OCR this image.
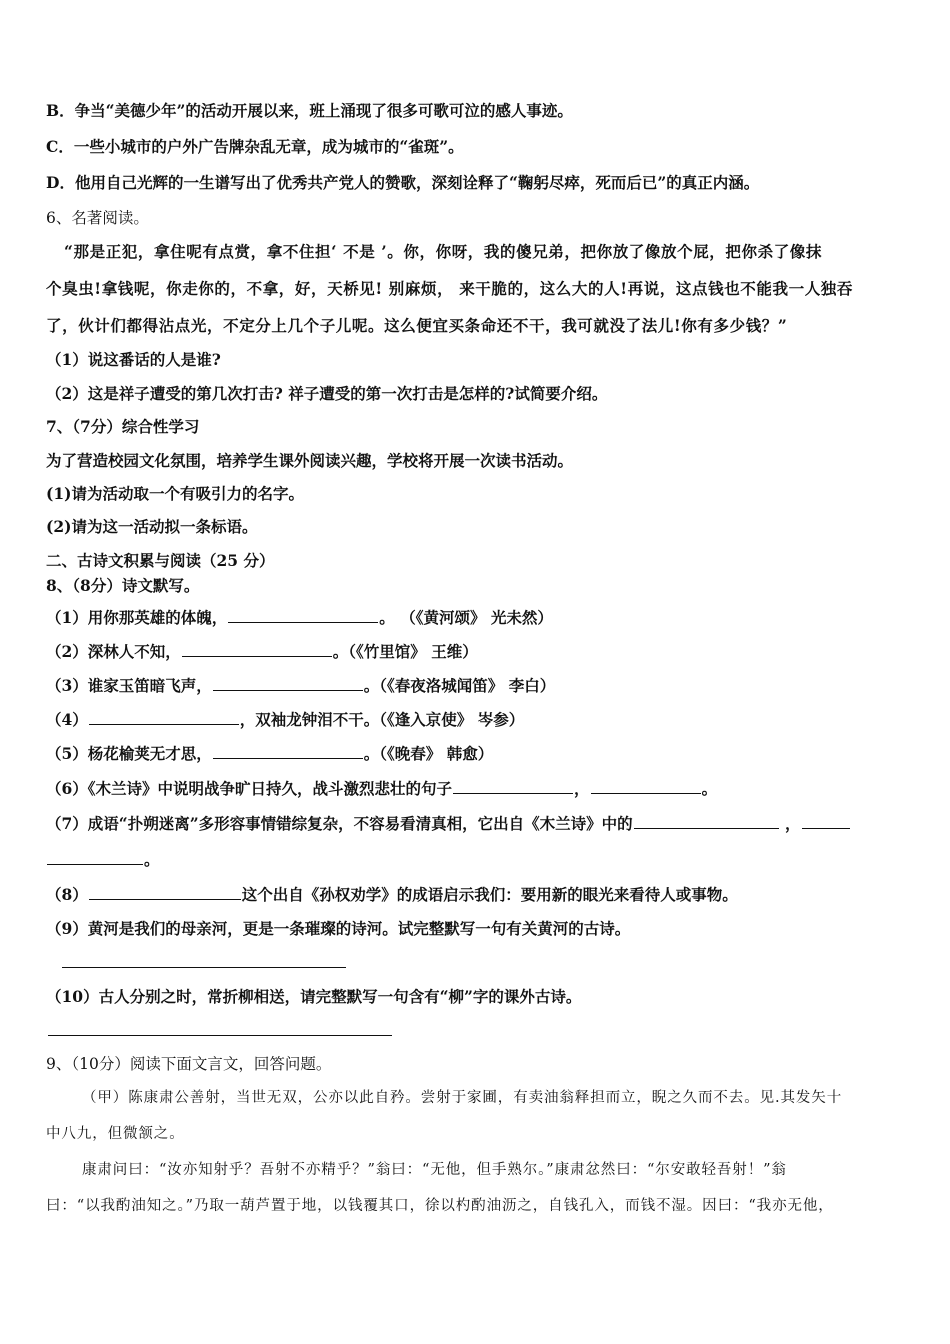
B．争当“美德少年”的活动开展以来，班上涌现了很多可歌可泣的感人事迹。
C．一些小城市的户外广告牌杂乱无章，成为城市的“雀斑”。
D．他用自己光辉的一生谱写出了优秀共产党人的赞歌，深刻诠释了“鞠躬尽瘁，死而后已”的真正内涵。
6、名著阅读。
“那是正犯，拿住呢有点赏，拿不住担‘ 不是 ’。你，你呀，我的傻兄弟，把你放了像放个屁，把你杀了像抹
个臭虫!拿钱呢，你走你的，不拿，好，天桥见! 别麻烦， 来干脆的，这么大的人!再说，这点钱也不能我一人独吞
了，伙计们都得沾点光，不定分上几个子儿呢。这么便宜买条命还不干，我可就没了法儿!你有多少钱？”
（1）说这番话的人是谁?
（2）这是祥子遭受的第几次打击? 祥子遭受的第一次打击是怎样的?试简要介绍。
7、（7分）综合性学习
为了营造校园文化氛围，培养学生课外阅读兴趣，学校将开展一次读书活动。
(1)请为活动取一个有吸引力的名字。
(2)请为这一活动拟一条标语。
二、古诗文积累与阅读（25 分）
8、（8分）诗文默写。
（1）用你那英雄的体魄，	。 （《黄河颂》 光未然）
（2）深林人不知，	。（《竹里馆》 王维）
（3）谁家玉笛暗飞声，	。（《春夜洛城闻笛》 李白）
（4）	，双袖龙钟泪不干。（《逢入京使》 岑参）
（5）杨花榆荚无才思，	。（《晚春》 韩愈）
（6）《木兰诗》中说明战争旷日持久，战斗激烈悲壮的句子	，	。
（7）成语“扑朔迷离”多形容事情错综复杂，不容易看清真相，它出自《木兰诗》中的	，
。
（8）	这个出自《孙权劝学》的成语启示我们：要用新的眼光来看待人或事物。
（9）黄河是我们的母亲河，更是一条璀璨的诗河。试完整默写一句有关黄河的古诗。
（10）古人分别之时，常折柳相送，请完整默写一句含有“柳”字的课外古诗。
9、（10分）阅读下面文言文，回答问题。
（甲）陈康肃公善射，当世无双，公亦以此自矜。尝射于家圃，有卖油翁释担而立，睨之久而不去。见.其发矢十
中八九，但微颔之。
康肃问曰：“汝亦知射乎？吾射不亦精乎？”翁曰：“无他，但手熟尔。”康肃忿然曰：“尔安敢轻吾射！”翁
曰：“以我酌油知之。”乃取一葫芦置于地，以钱覆其口，徐以杓酌油沥之，自钱孔入，而钱不湿。因曰：“我亦无他，
